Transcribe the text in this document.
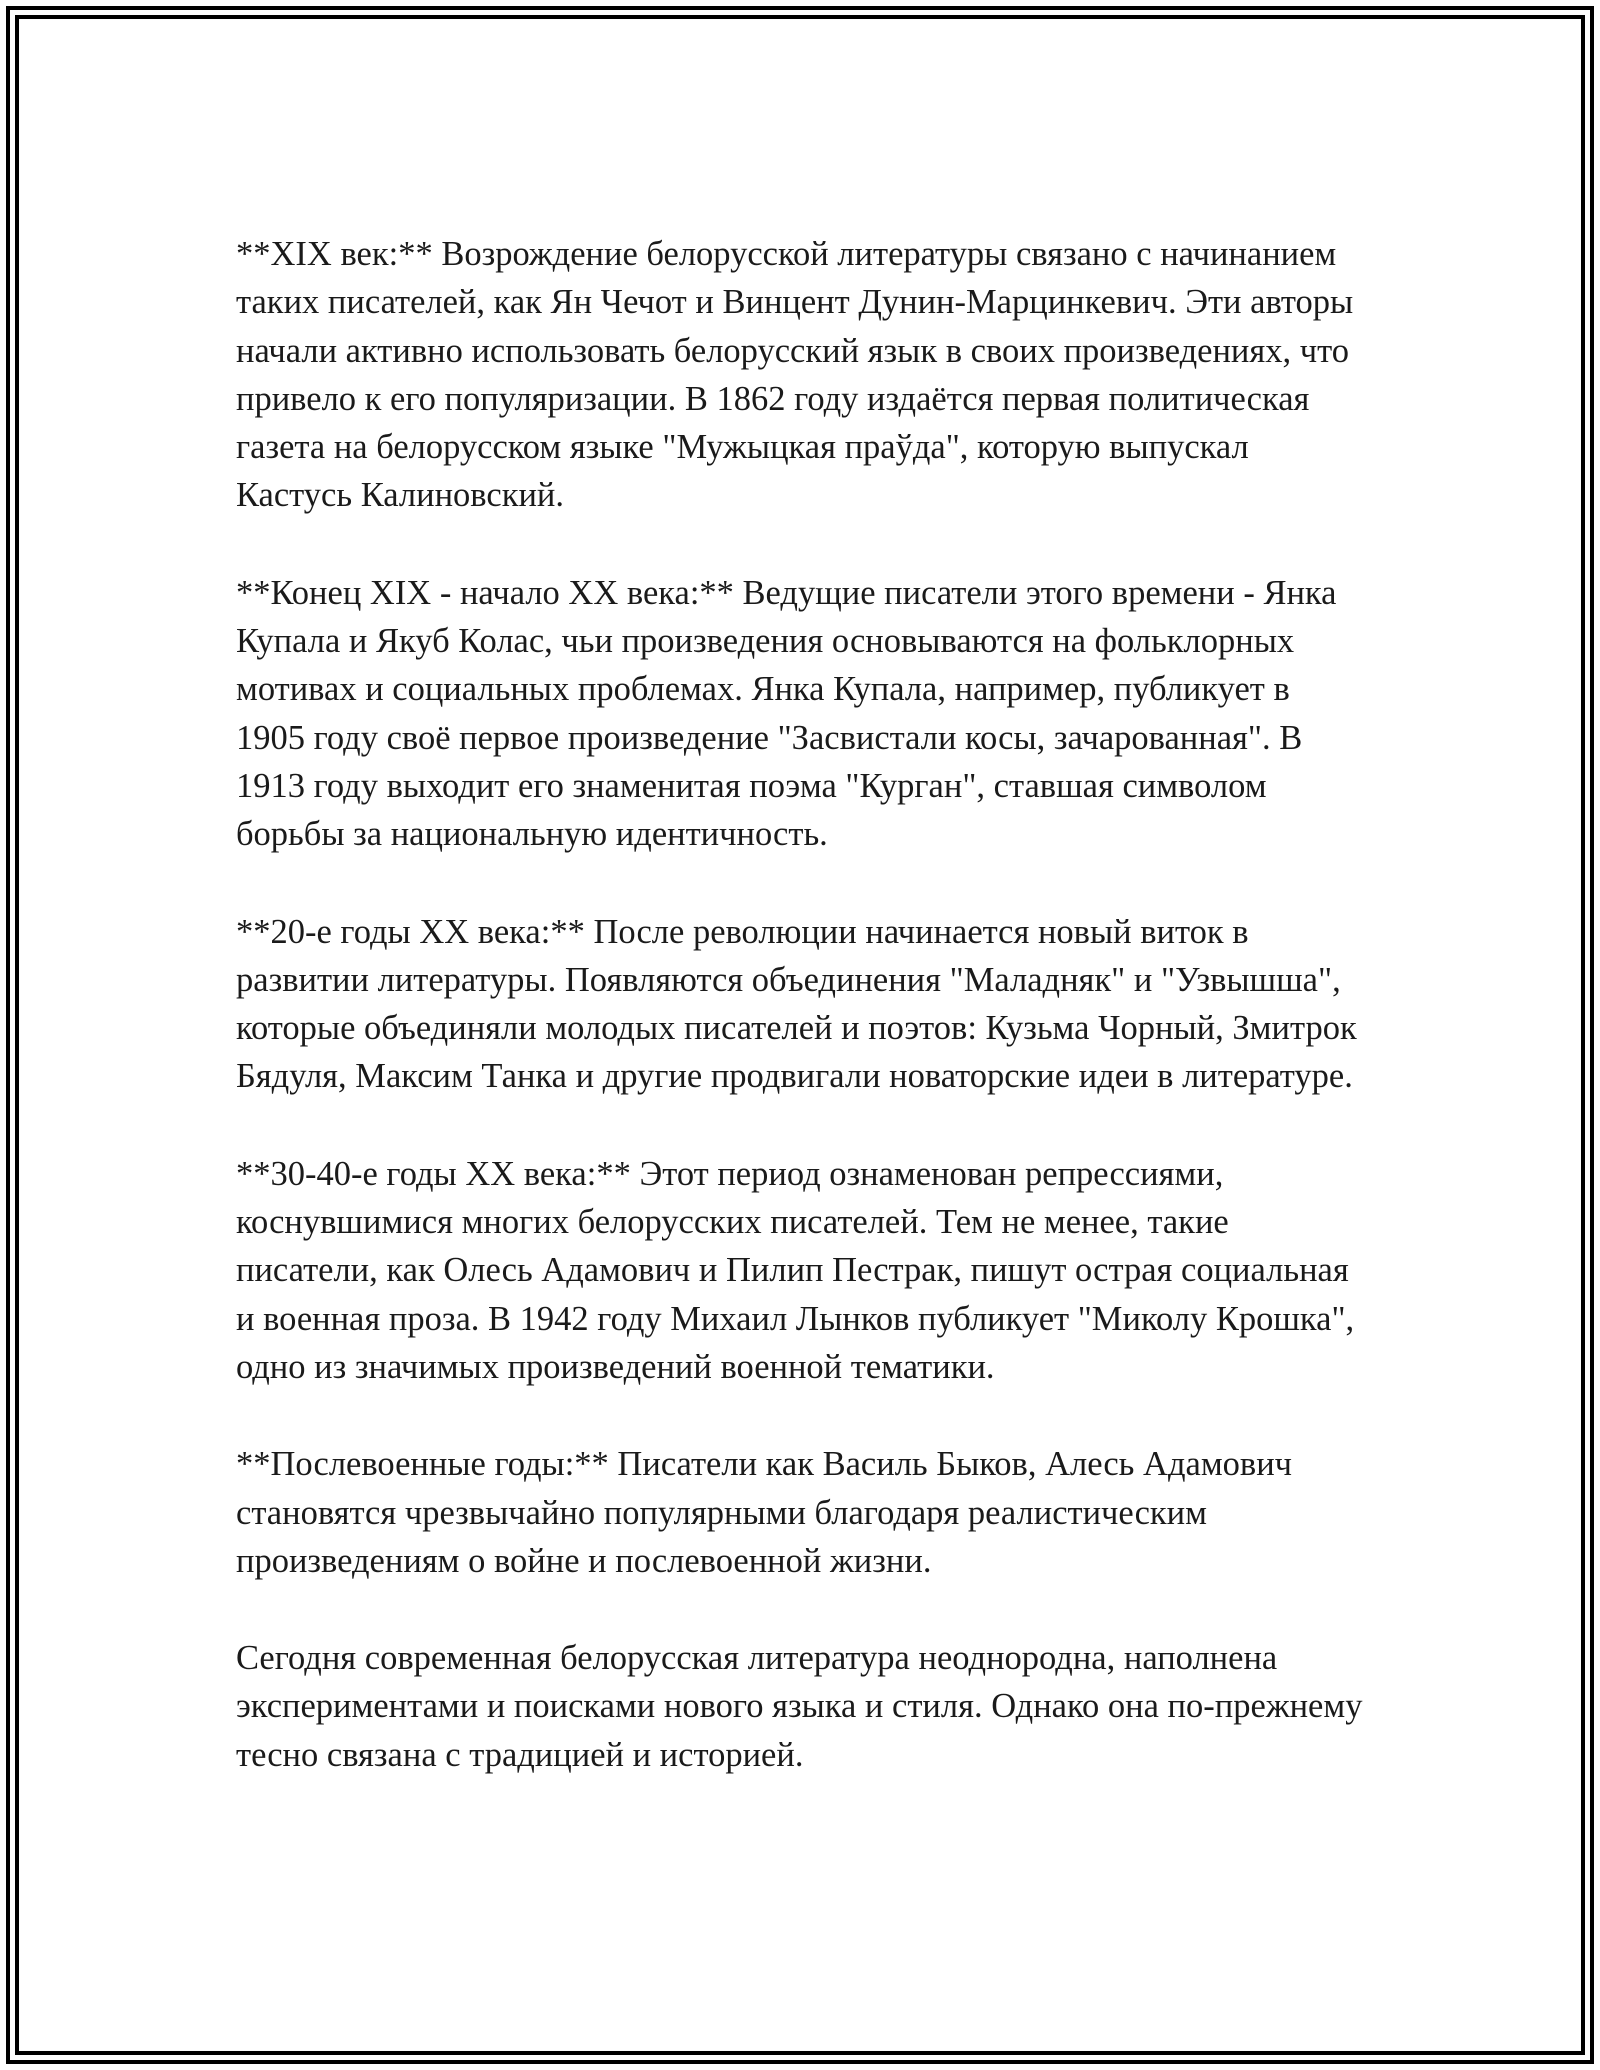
**XIX век:** Возрождение белорусской литературы связано с начинанием таких писателей, как Ян Чечот и Винцент Дунин-Марцинкевич. Эти авторы начали активно использовать белорусский язык в своих произведениях, что привело к его популяризации. В 1862 году издаётся первая политическая газета на белорусском языке "Мужыцкая праўда", которую выпускал Кастусь Калиновский.

**Конец XIX - начало XX века:** Ведущие писатели этого времени - Янка Купала и Якуб Колас, чьи произведения основываются на фольклорных мотивах и социальных проблемах. Янка Купала, например, публикует в 1905 году своё первое произведение "Засвистали косы, зачарованная". В 1913 году выходит его знаменитая поэма "Курган", ставшая символом борьбы за национальную идентичность.

**20-е годы XX века:** После революции начинается новый виток в развитии литературы. Появляются объединения "Маладняк" и "Узвышша", которые объединяли молодых писателей и поэтов: Кузьма Чорный, Змитрок Бядуля, Максим Танка и другие продвигали новаторские идеи в литературе.

**30-40-е годы XX века:** Этот период ознаменован репрессиями, коснувшимися многих белорусских писателей. Тем не менее, такие писатели, как Олесь Адамович и Пилип Пестрак, пишут острая социальная и военная проза. В 1942 году Михаил Лынков публикует "Миколу Крошка", одно из значимых произведений военной тематики.

**Послевоенные годы:** Писатели как Василь Быков, Алесь Адамович становятся чрезвычайно популярными благодаря реалистическим произведениям о войне и послевоенной жизни.

Сегодня современная белорусская литература неоднородна, наполнена экспериментами и поисками нового языка и стиля. Однако она по-прежнему тесно связана с традицией и историей.
